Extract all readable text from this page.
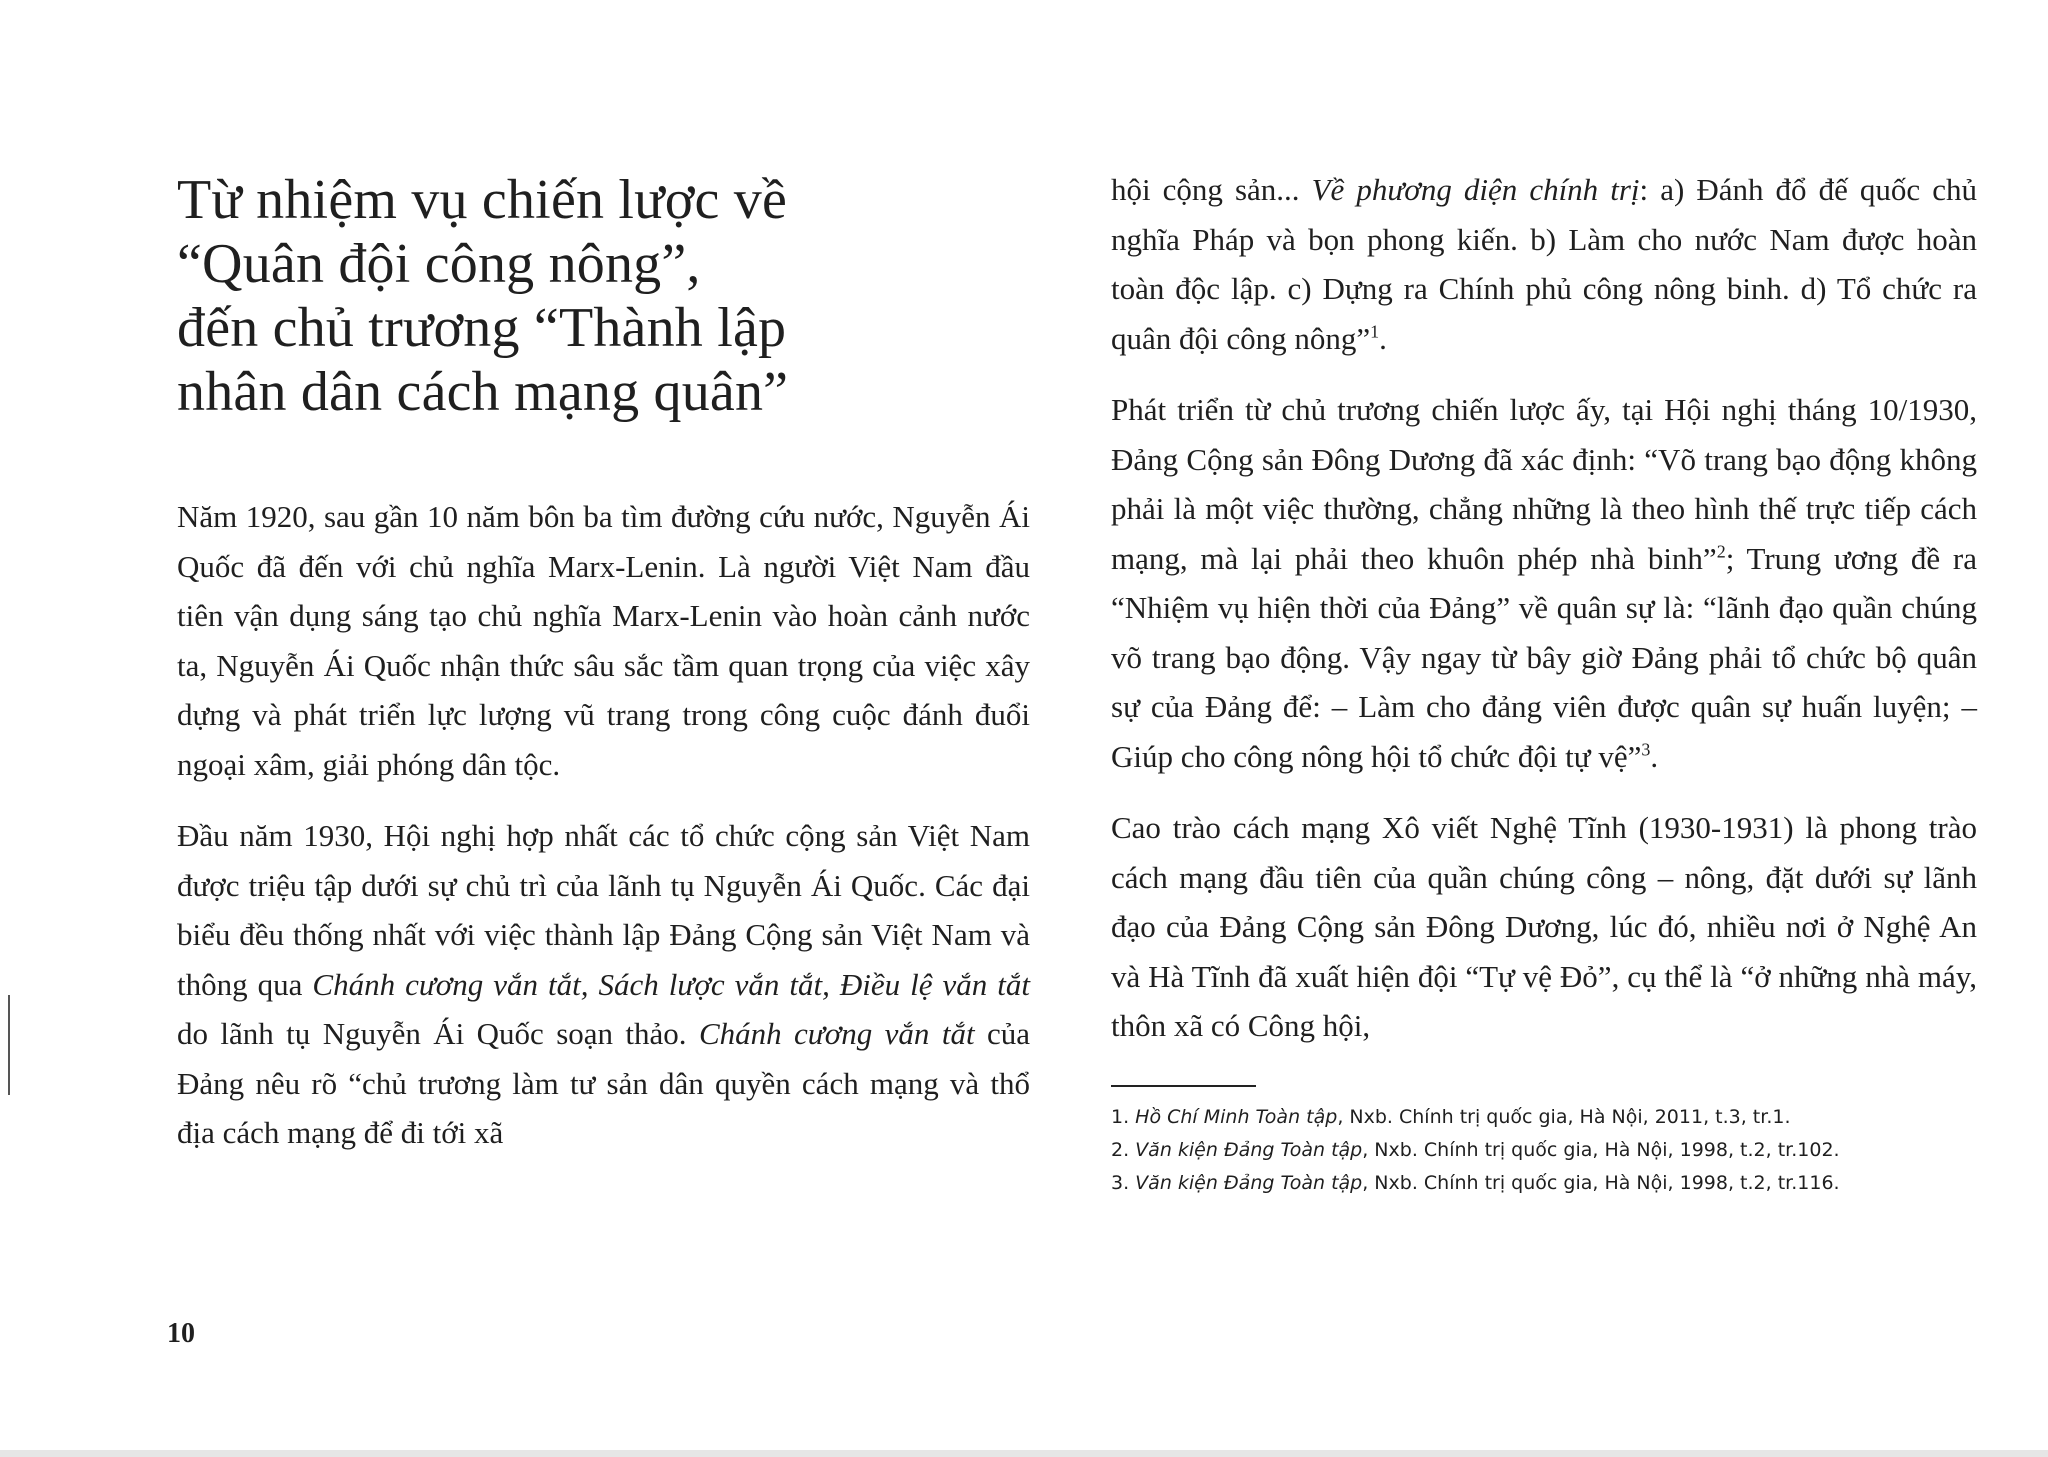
Từ nhiệm vụ chiến lược về
“Quân đội công nông”,
đến chủ trương “Thành lập
nhân dân cách mạng quân”

Năm 1920, sau gần 10 năm bôn ba tìm đường cứu nước, Nguyễn Ái Quốc đã đến với chủ nghĩa Marx-Lenin. Là người Việt Nam đầu tiên vận dụng sáng tạo chủ nghĩa Marx-Lenin vào hoàn cảnh nước ta, Nguyễn Ái Quốc nhận thức sâu sắc tầm quan trọng của việc xây dựng và phát triển lực lượng vũ trang trong công cuộc đánh đuổi ngoại xâm, giải phóng dân tộc.

Đầu năm 1930, Hội nghị hợp nhất các tổ chức cộng sản Việt Nam được triệu tập dưới sự chủ trì của lãnh tụ Nguyễn Ái Quốc. Các đại biểu đều thống nhất với việc thành lập Đảng Cộng sản Việt Nam và thông qua Chánh cương vắn tắt, Sách lược vắn tắt, Điều lệ vắn tắt do lãnh tụ Nguyễn Ái Quốc soạn thảo. Chánh cương vắn tắt của Đảng nêu rõ “chủ trương làm tư sản dân quyền cách mạng và thổ địa cách mạng để đi tới xã

hội cộng sản... Về phương diện chính trị: a) Đánh đổ đế quốc chủ nghĩa Pháp và bọn phong kiến. b) Làm cho nước Nam được hoàn toàn độc lập. c) Dựng ra Chính phủ công nông binh. d) Tổ chức ra quân đội công nông”$^1$.

Phát triển từ chủ trương chiến lược ấy, tại Hội nghị tháng 10/1930, Đảng Cộng sản Đông Dương đã xác định: “Võ trang bạo động không phải là một việc thường, chẳng những là theo hình thế trực tiếp cách mạng, mà lại phải theo khuôn phép nhà binh”$^2$; Trung ương đề ra “Nhiệm vụ hiện thời của Đảng” về quân sự là: “lãnh đạo quần chúng võ trang bạo động. Vậy ngay từ bây giờ Đảng phải tổ chức bộ quân sự của Đảng để: – Làm cho đảng viên được quân sự huấn luyện; – Giúp cho công nông hội tổ chức đội tự vệ”$^3$.

Cao trào cách mạng Xô viết Nghệ Tĩnh (1930-1931) là phong trào cách mạng đầu tiên của quần chúng công – nông, đặt dưới sự lãnh đạo của Đảng Cộng sản Đông Dương, lúc đó, nhiều nơi ở Nghệ An và Hà Tĩnh đã xuất hiện đội “Tự vệ Đỏ”, cụ thể là “ở những nhà máy, thôn xã có Công hội,

1. Hồ Chí Minh Toàn tập, Nxb. Chính trị quốc gia, Hà Nội, 2011, t.3, tr.1.
2. Văn kiện Đảng Toàn tập, Nxb. Chính trị quốc gia, Hà Nội, 1998, t.2, tr.102.
3. Văn kiện Đảng Toàn tập, Nxb. Chính trị quốc gia, Hà Nội, 1998, t.2, tr.116.
10
